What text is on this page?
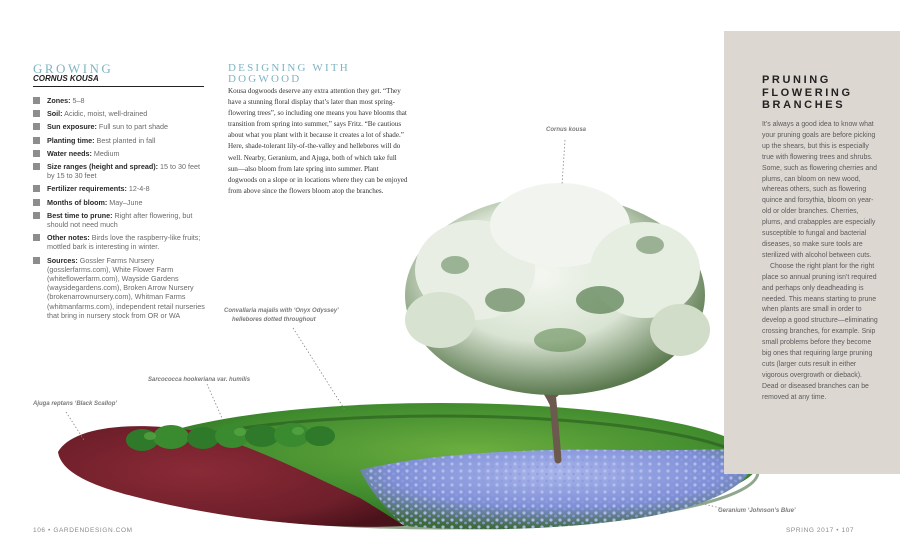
GROWING
CORNUS KOUSA
Zones: 5–8
Soil: Acidic, moist, well-drained
Sun exposure: Full sun to part shade
Planting time: Best planted in fall
Water needs: Medium
Size ranges (height and spread): 15 to 30 feet by 15 to 30 feet
Fertilizer requirements: 12-4-8
Months of bloom: May–June
Best time to prune: Right after flowering, but should not need much
Other notes: Birds love the raspberry-like fruits; mottled bark is interesting in winter.
Sources: Gossler Farms Nursery (gosslerfarms.com), White Flower Farm (whiteflowerfarm.com), Wayside Gardens (waysidegardens.com), Broken Arrow Nursery (brokenarrownursery.com), Whitman Farms (whitmanfarms.com), independent retail nurseries that bring in nursery stock from OR or WA
DESIGNING WITH DOGWOOD

Kousa dogwoods deserve any extra attention they get. “They have a stunning floral display that’s later than most spring-flowering trees”, so including one means you have blooms that transition from spring into summer,” says Fritz. “Be cautious about what you plant with it because it creates a lot of shade.” Here, shade-tolerant lily-of-the-valley and hellebores will do well. Nearby, Geranium, and Ajuga, both of which take full sun—also bloom from late spring into summer. Plant dogwoods on a slope or in locations where they can be enjoyed from above since the flowers bloom atop the branches.

Cornus kousa
Convallaria majalis with ‘Onyx Odyssey’
hellebores dotted throughout
Sarcococca hookeriana var. humilis
Ajuga reptans ‘Black Scallop’
Geranium ‘Johnson’s Blue’
PRUNING FLOWERING BRANCHES

It’s always a good idea to know what your pruning goals are before picking up the shears, but this is especially true with flowering trees and shrubs. Some, such as flowering cherries and plums, can bloom on new wood, whereas others, such as flowering quince and forsythia, bloom on year-old or older branches. Cherries, plums, and crabapples are especially susceptible to fungal and bacterial diseases, so make sure tools are sterilized with alcohol between cuts.

Choose the right plant for the right place so annual pruning isn’t required and perhaps only deadheading is needed. This means starting to prune when plants are small in order to develop a good structure—eliminating crossing branches, for example. Snip small problems before they become big ones that requiring large pruning cuts (larger cuts result in either vigorous overgrowth or dieback). Dead or diseased branches can be removed at any time.

106 • GARDENDESIGN.COM	SPRING 2017 • 107
